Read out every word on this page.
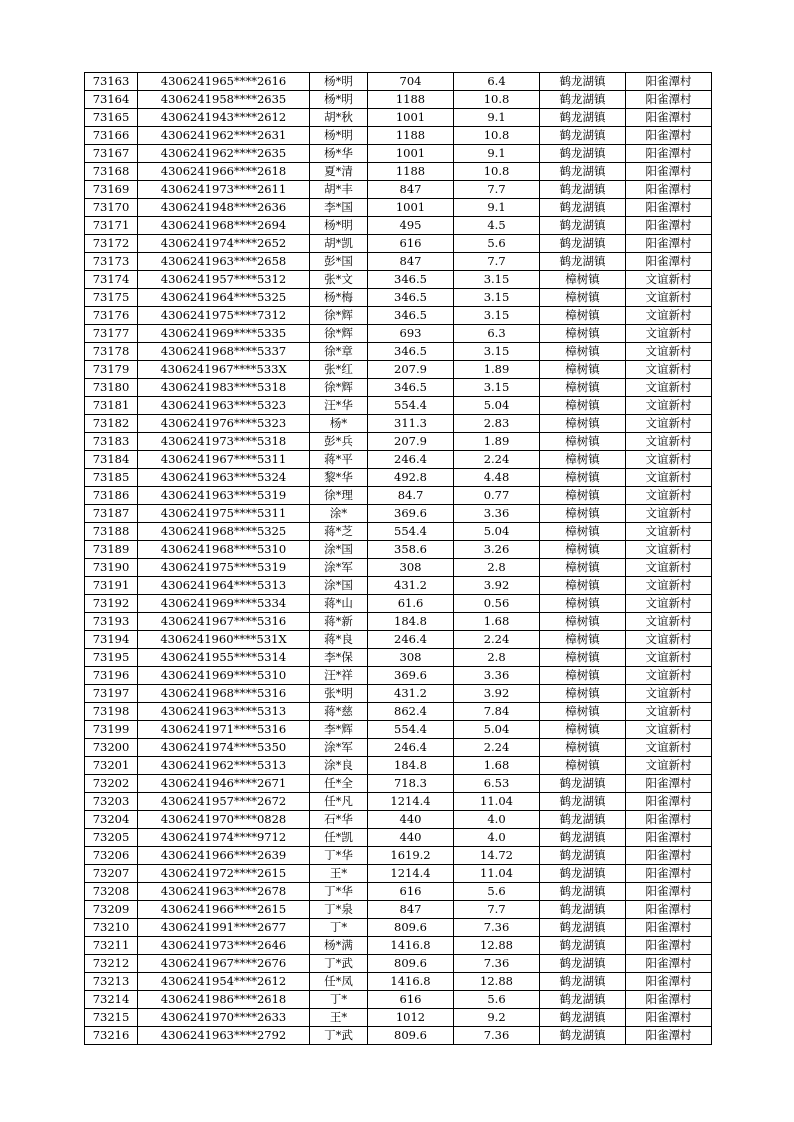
73163	4306241965****2616	杨*明	704	6.4	鹤龙湖镇	阳雀潭村
73164	4306241958****2635	杨*明	1188	10.8	鹤龙湖镇	阳雀潭村
73165	4306241943****2612	胡*秋	1001	9.1	鹤龙湖镇	阳雀潭村
73166	4306241962****2631	杨*明	1188	10.8	鹤龙湖镇	阳雀潭村
73167	4306241962****2635	杨*华	1001	9.1	鹤龙湖镇	阳雀潭村
73168	4306241966****2618	夏*清	1188	10.8	鹤龙湖镇	阳雀潭村
73169	4306241973****2611	胡*丰	847	7.7	鹤龙湖镇	阳雀潭村
73170	4306241948****2636	李*国	1001	9.1	鹤龙湖镇	阳雀潭村
73171	4306241968****2694	杨*明	495	4.5	鹤龙湖镇	阳雀潭村
73172	4306241974****2652	胡*凯	616	5.6	鹤龙湖镇	阳雀潭村
73173	4306241963****2658	彭*国	847	7.7	鹤龙湖镇	阳雀潭村
73174	4306241957****5312	张*文	346.5	3.15	樟树镇	文谊新村
73175	4306241964****5325	杨*梅	346.5	3.15	樟树镇	文谊新村
73176	4306241975****7312	徐*辉	346.5	3.15	樟树镇	文谊新村
73177	4306241969****5335	徐*辉	693	6.3	樟树镇	文谊新村
73178	4306241968****5337	徐*章	346.5	3.15	樟树镇	文谊新村
73179	4306241967****533X	张*红	207.9	1.89	樟树镇	文谊新村
73180	4306241983****5318	徐*辉	346.5	3.15	樟树镇	文谊新村
73181	4306241963****5323	汪*华	554.4	5.04	樟树镇	文谊新村
73182	4306241976****5323	杨*	311.3	2.83	樟树镇	文谊新村
73183	4306241973****5318	彭*兵	207.9	1.89	樟树镇	文谊新村
73184	4306241967****5311	蒋*平	246.4	2.24	樟树镇	文谊新村
73185	4306241963****5324	黎*华	492.8	4.48	樟树镇	文谊新村
73186	4306241963****5319	徐*理	84.7	0.77	樟树镇	文谊新村
73187	4306241975****5311	涂*	369.6	3.36	樟树镇	文谊新村
73188	4306241968****5325	蒋*芝	554.4	5.04	樟树镇	文谊新村
73189	4306241968****5310	涂*国	358.6	3.26	樟树镇	文谊新村
73190	4306241975****5319	涂*军	308	2.8	樟树镇	文谊新村
73191	4306241964****5313	涂*国	431.2	3.92	樟树镇	文谊新村
73192	4306241969****5334	蒋*山	61.6	0.56	樟树镇	文谊新村
73193	4306241967****5316	蒋*新	184.8	1.68	樟树镇	文谊新村
73194	4306241960****531X	蒋*良	246.4	2.24	樟树镇	文谊新村
73195	4306241955****5314	李*保	308	2.8	樟树镇	文谊新村
73196	4306241969****5310	汪*祥	369.6	3.36	樟树镇	文谊新村
73197	4306241968****5316	张*明	431.2	3.92	樟树镇	文谊新村
73198	4306241963****5313	蒋*慈	862.4	7.84	樟树镇	文谊新村
73199	4306241971****5316	李*辉	554.4	5.04	樟树镇	文谊新村
73200	4306241974****5350	涂*军	246.4	2.24	樟树镇	文谊新村
73201	4306241962****5313	涂*良	184.8	1.68	樟树镇	文谊新村
73202	4306241946****2671	任*全	718.3	6.53	鹤龙湖镇	阳雀潭村
73203	4306241957****2672	任*凡	1214.4	11.04	鹤龙湖镇	阳雀潭村
73204	4306241970****0828	石*华	440	4.0	鹤龙湖镇	阳雀潭村
73205	4306241974****9712	任*凯	440	4.0	鹤龙湖镇	阳雀潭村
73206	4306241966****2639	丁*华	1619.2	14.72	鹤龙湖镇	阳雀潭村
73207	4306241972****2615	王*	1214.4	11.04	鹤龙湖镇	阳雀潭村
73208	4306241963****2678	丁*华	616	5.6	鹤龙湖镇	阳雀潭村
73209	4306241966****2615	丁*泉	847	7.7	鹤龙湖镇	阳雀潭村
73210	4306241991****2677	丁*	809.6	7.36	鹤龙湖镇	阳雀潭村
73211	4306241973****2646	杨*满	1416.8	12.88	鹤龙湖镇	阳雀潭村
73212	4306241967****2676	丁*武	809.6	7.36	鹤龙湖镇	阳雀潭村
73213	4306241954****2612	任*凤	1416.8	12.88	鹤龙湖镇	阳雀潭村
73214	4306241986****2618	丁*	616	5.6	鹤龙湖镇	阳雀潭村
73215	4306241970****2633	王*	1012	9.2	鹤龙湖镇	阳雀潭村
73216	4306241963****2792	丁*武	809.6	7.36	鹤龙湖镇	阳雀潭村
